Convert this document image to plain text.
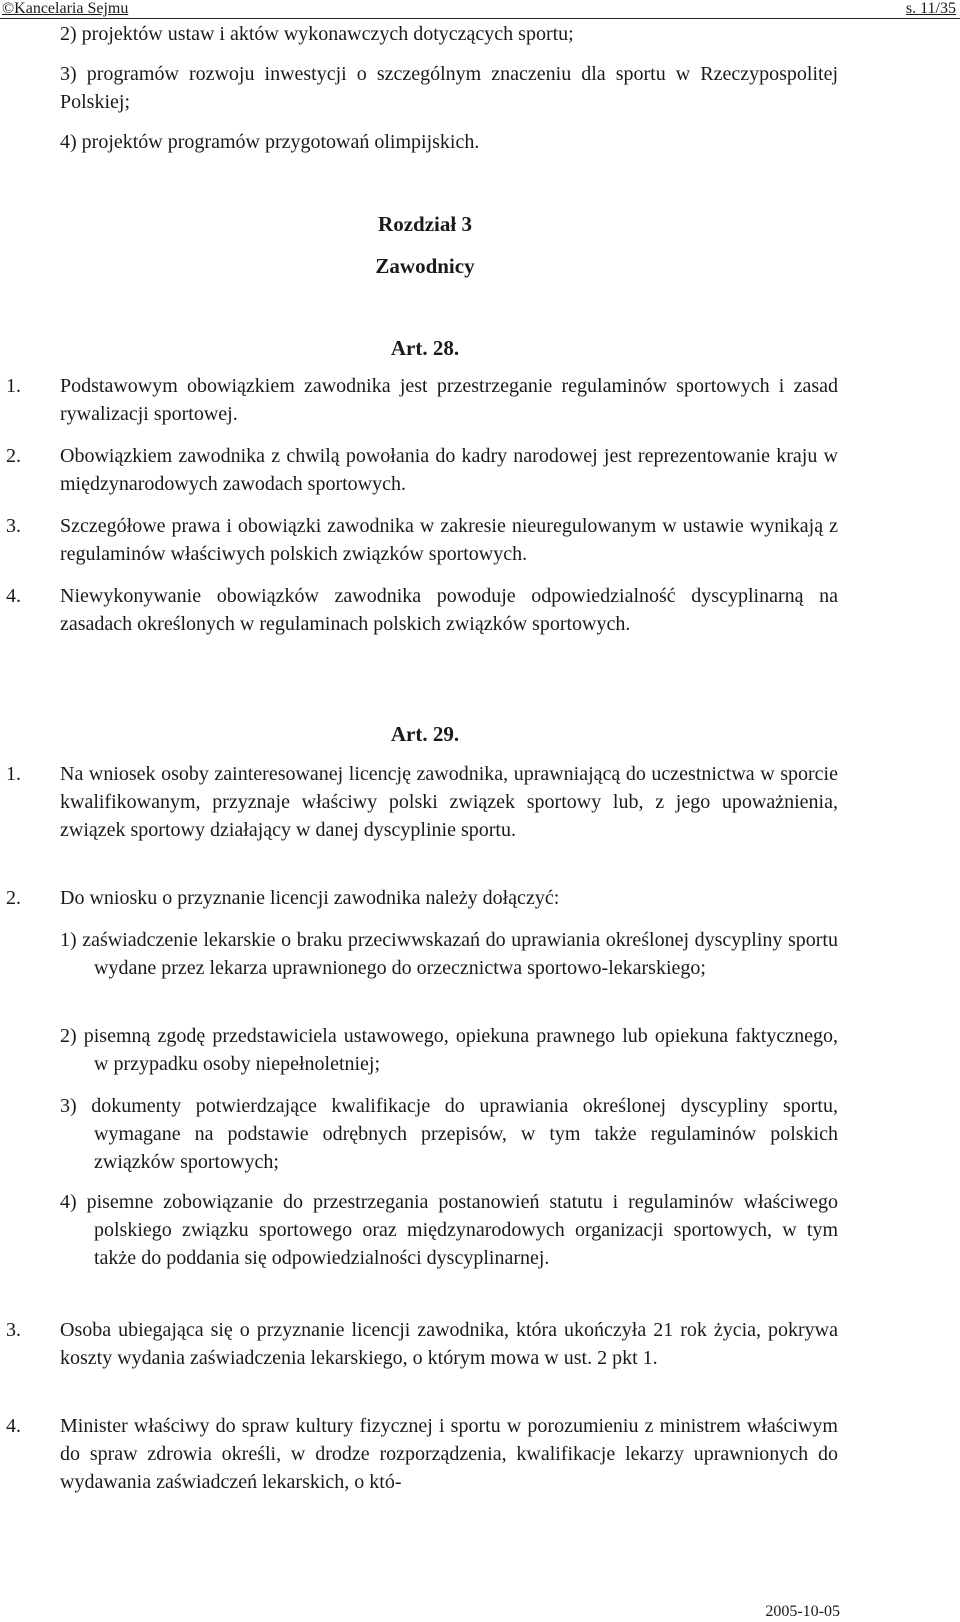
©Kancelaria Sejmu	s. 11/35

2) projektów ustaw i aktów wykonawczych dotyczących sportu;

3) programów rozwoju inwestycji o szczególnym znaczeniu dla sportu w Rzeczypospolitej Polskiej;

4) projektów programów przygotowań olimpijskich.

Rozdział 3

Zawodnicy

Art. 28.

1. Podstawowym obowiązkiem zawodnika jest przestrzeganie regulaminów sportowych i zasad rywalizacji sportowej.
2. Obowiązkiem zawodnika z chwilą powołania do kadry narodowej jest reprezentowanie kraju w międzynarodowych zawodach sportowych.
3. Szczegółowe prawa i obowiązki zawodnika w zakresie nieuregulowanym w ustawie wynikają z regulaminów właściwych polskich związków sportowych.
4. Niewykonywanie obowiązków zawodnika powoduje odpowiedzialność dyscyplinarną na zasadach określonych w regulaminach polskich związków sportowych.

Art. 29.

1. Na wniosek osoby zainteresowanej licencję zawodnika, uprawniającą do uczestnictwa w sporcie kwalifikowanym, przyznaje właściwy polski związek sportowy lub, z jego upoważnienia, związek sportowy działający w danej dyscyplinie sportu.
2. Do wniosku o przyznanie licencji zawodnika należy dołączyć:

1) zaświadczenie lekarskie o braku przeciwwskazań do uprawiania określonej dyscypliny sportu wydane przez lekarza uprawnionego do orzecznictwa sportowo-lekarskiego;

2) pisemną zgodę przedstawiciela ustawowego, opiekuna prawnego lub opiekuna faktycznego, w przypadku osoby niepełnoletniej;

3) dokumenty potwierdzające kwalifikacje do uprawiania określonej dyscypliny sportu, wymagane na podstawie odrębnych przepisów, w tym także regulaminów polskich związków sportowych;

4) pisemne zobowiązanie do przestrzegania postanowień statutu i regulaminów właściwego polskiego związku sportowego oraz międzynarodowych organizacji sportowych, w tym także do poddania się odpowiedzialności dyscyplinarnej.

3. Osoba ubiegająca się o przyznanie licencji zawodnika, która ukończyła 21 rok życia, pokrywa koszty wydania zaświadczenia lekarskiego, o którym mowa w ust. 2 pkt 1.
4. Minister właściwy do spraw kultury fizycznej i sportu w porozumieniu z ministrem właściwym do spraw zdrowia określi, w drodze rozporządzenia, kwalifikacje lekarzy uprawnionych do wydawania zaświadczeń lekarskich, o któ-
2005-10-05
